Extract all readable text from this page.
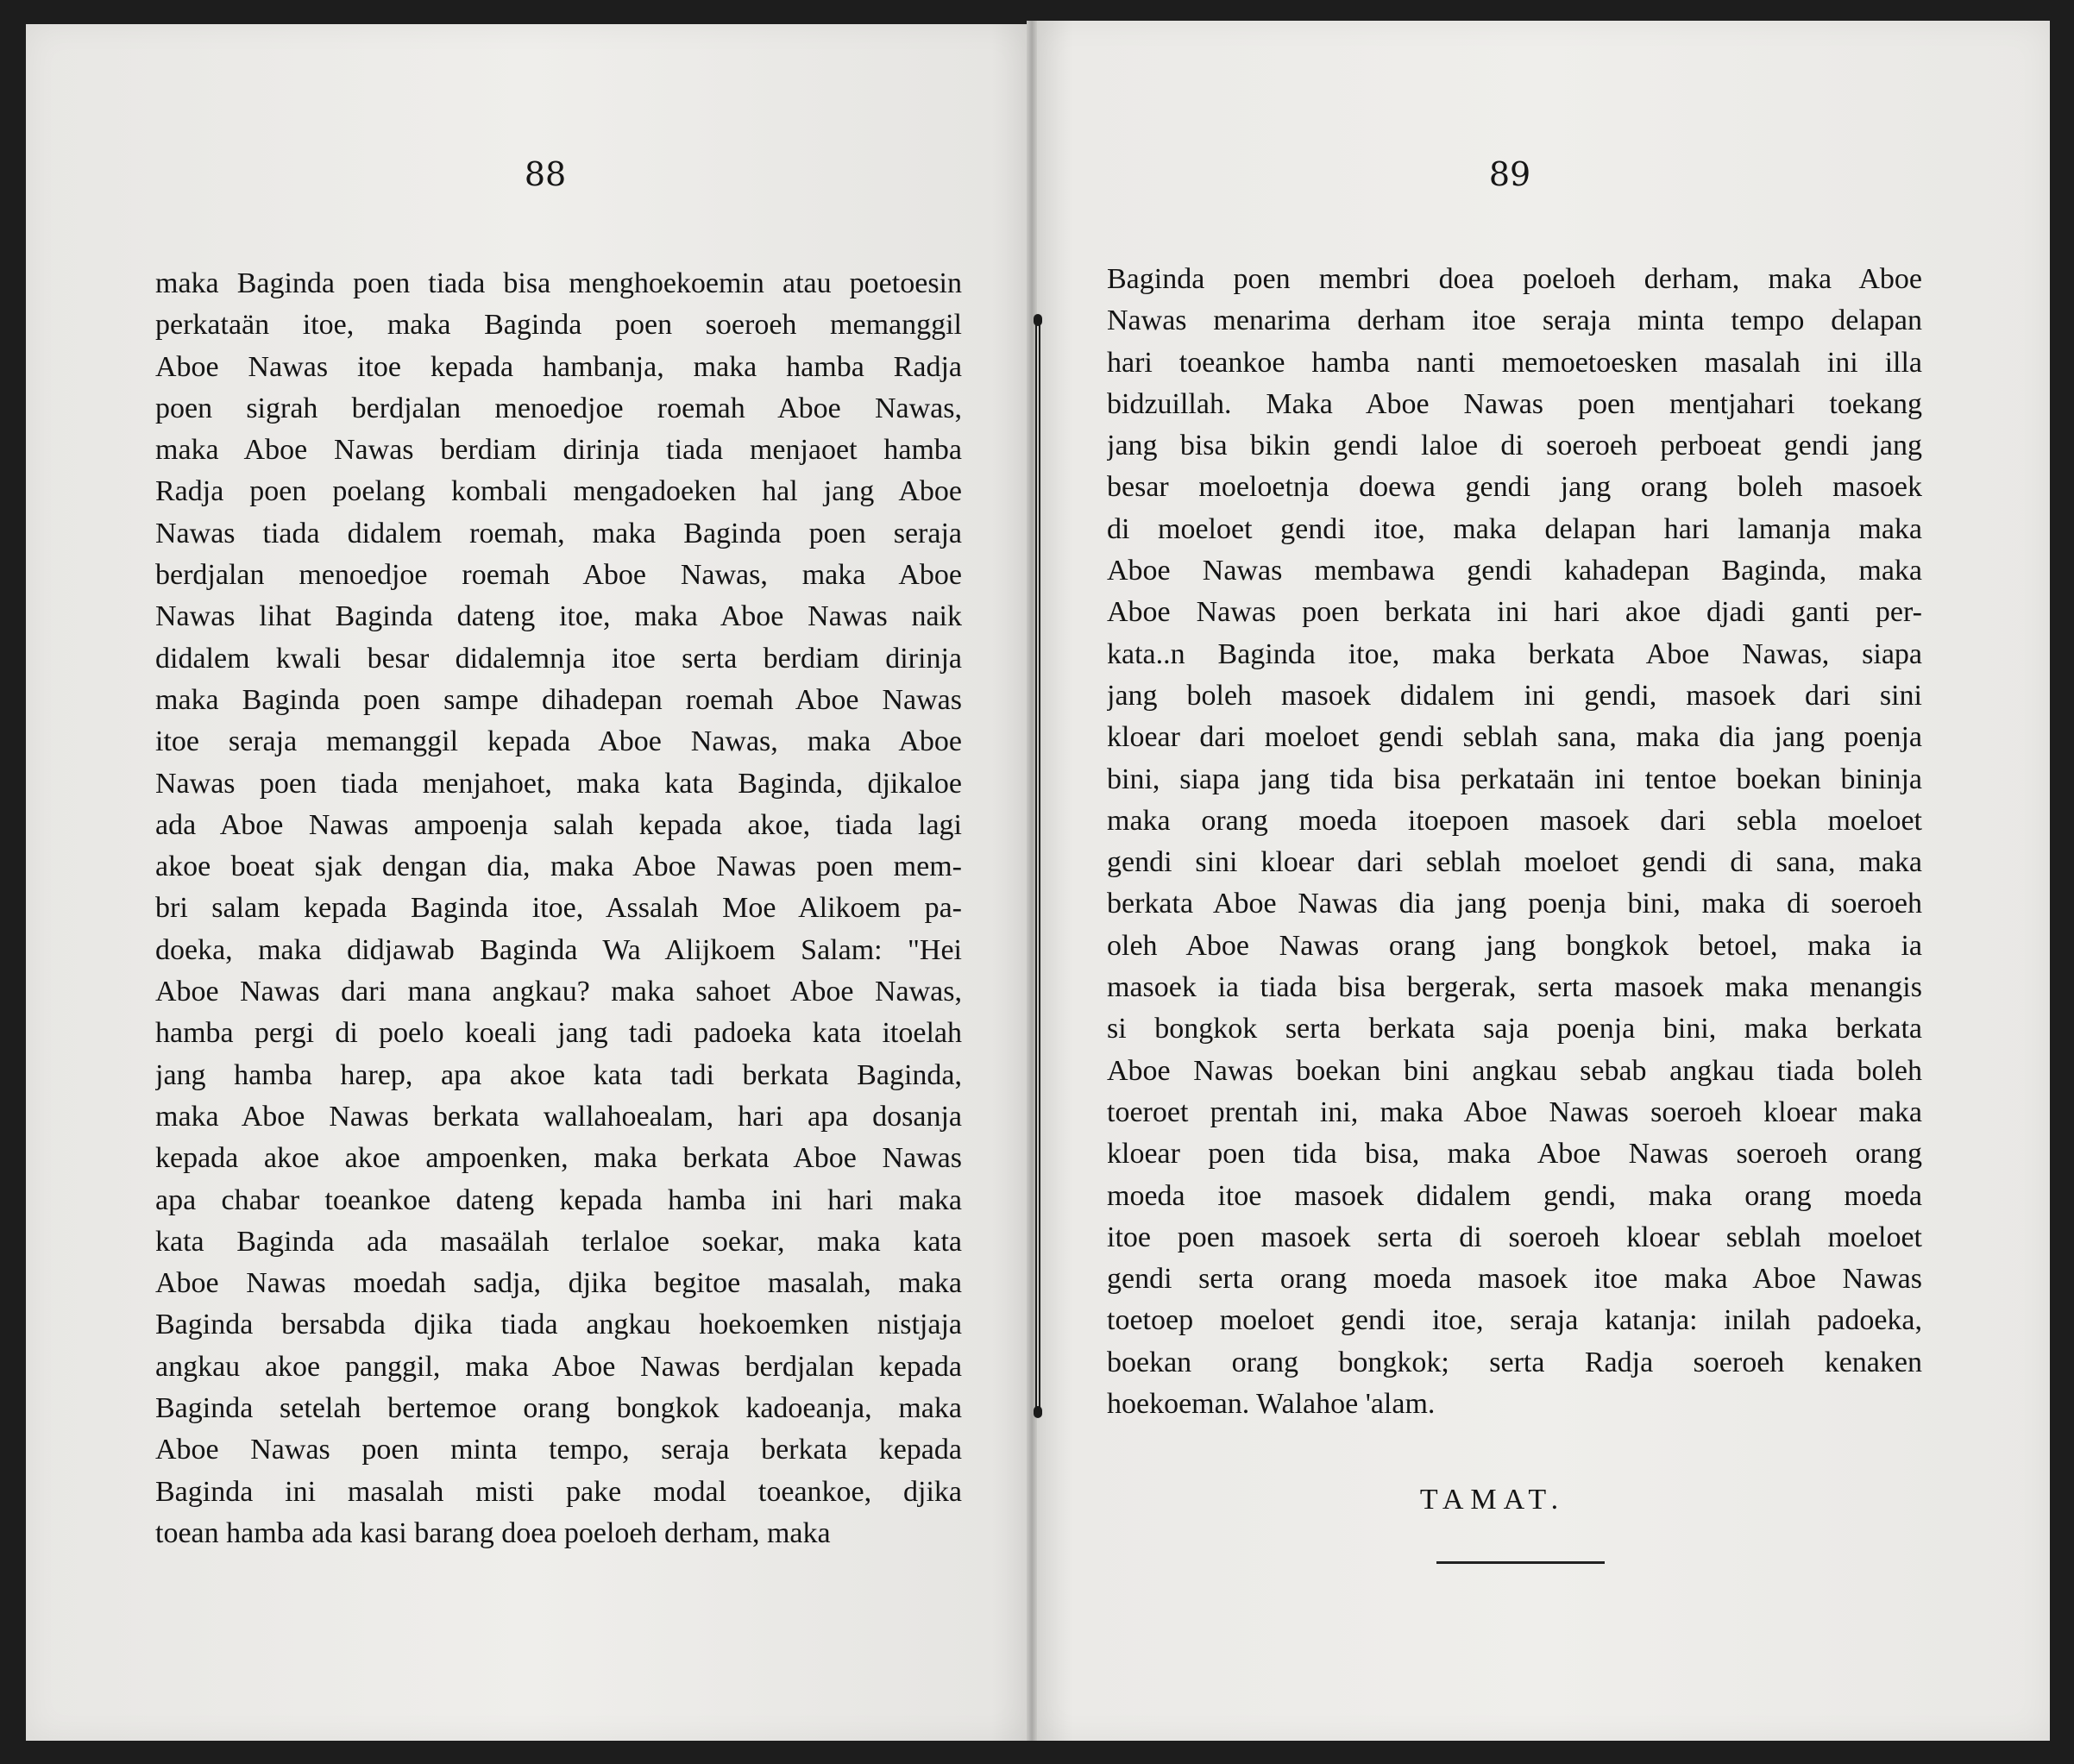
88	89
maka Baginda poen tiada bisa menghoekoemin atau poetoesin
perkataän itoe, maka Baginda poen soeroeh memanggil
Aboe Nawas itoe kepada hambanja, maka hamba Radja
poen sigrah berdjalan menoedjoe roemah Aboe Nawas,
maka Aboe Nawas berdiam dirinja tiada menjaoet hamba
Radja poen poelang kombali mengadoeken hal jang Aboe
Nawas tiada didalem roemah, maka Baginda poen seraja
berdjalan menoedjoe roemah Aboe Nawas, maka Aboe
Nawas lihat Baginda dateng itoe, maka Aboe Nawas naik
didalem kwali besar didalemnja itoe serta berdiam dirinja
maka Baginda poen sampe dihadepan roemah Aboe Nawas
itoe seraja memanggil kepada Aboe Nawas, maka Aboe
Nawas poen tiada menjahoet, maka kata Baginda, djikaloe
ada Aboe Nawas ampoenja salah kepada akoe, tiada lagi
akoe boeat sjak dengan dia, maka Aboe Nawas poen mem-
bri salam kepada Baginda itoe, Assalah Moe Alikoem pa-
doeka, maka didjawab Baginda Wa Alijkoem Salam: "Hei
Aboe Nawas dari mana angkau? maka sahoet Aboe Nawas,
hamba pergi di poelo koeali jang tadi padoeka kata itoelah
jang hamba harep, apa akoe kata tadi berkata Baginda,
maka Aboe Nawas berkata wallahoealam, hari apa dosanja
kepada akoe akoe ampoenken, maka berkata Aboe Nawas
apa chabar toeankoe dateng kepada hamba ini hari maka
kata Baginda ada masaälah terlaloe soekar, maka kata
Aboe Nawas moedah sadja, djika begitoe masalah, maka
Baginda bersabda djika tiada angkau hoekoemken nistjaja
angkau akoe panggil, maka Aboe Nawas berdjalan kepada
Baginda setelah bertemoe orang bongkok kadoeanja, maka
Aboe Nawas poen minta tempo, seraja berkata kepada
Baginda ini masalah misti pake modal toeankoe, djika
toean hamba ada kasi barang doea poeloeh derham, maka
Baginda poen membri doea poeloeh derham, maka Aboe
Nawas menarima derham itoe seraja minta tempo delapan
hari toeankoe hamba nanti memoetoesken masalah ini illa
bidzuillah. Maka Aboe Nawas poen mentjahari toekang
jang bisa bikin gendi laloe di soeroeh perboeat gendi jang
besar moeloetnja doewa gendi jang orang boleh masoek
di moeloet gendi itoe, maka delapan hari lamanja maka
Aboe Nawas membawa gendi kahadepan Baginda, maka
Aboe Nawas poen berkata ini hari akoe djadi ganti per-
kata..n Baginda itoe, maka berkata Aboe Nawas, siapa
jang boleh masoek didalem ini gendi, masoek dari sini
kloear dari moeloet gendi seblah sana, maka dia jang poenja
bini, siapa jang tida bisa perkataän ini tentoe boekan bininja
maka orang moeda itoepoen masoek dari sebla moeloet
gendi sini kloear dari seblah moeloet gendi di sana, maka
berkata Aboe Nawas dia jang poenja bini, maka di soeroeh
oleh Aboe Nawas orang jang bongkok betoel, maka ia
masoek ia tiada bisa bergerak, serta masoek maka menangis
si bongkok serta berkata saja poenja bini, maka berkata
Aboe Nawas boekan bini angkau sebab angkau tiada boleh
toeroet prentah ini, maka Aboe Nawas soeroeh kloear maka
kloear poen tida bisa, maka Aboe Nawas soeroeh orang
moeda itoe masoek didalem gendi, maka orang moeda
itoe poen masoek serta di soeroeh kloear seblah moeloet
gendi serta orang moeda masoek itoe maka Aboe Nawas
toetoep moeloet gendi itoe, seraja katanja: inilah padoeka,
boekan orang bongkok; serta Radja soeroeh kenaken
hoekoeman. Walahoe 'alam.
TAMAT.
